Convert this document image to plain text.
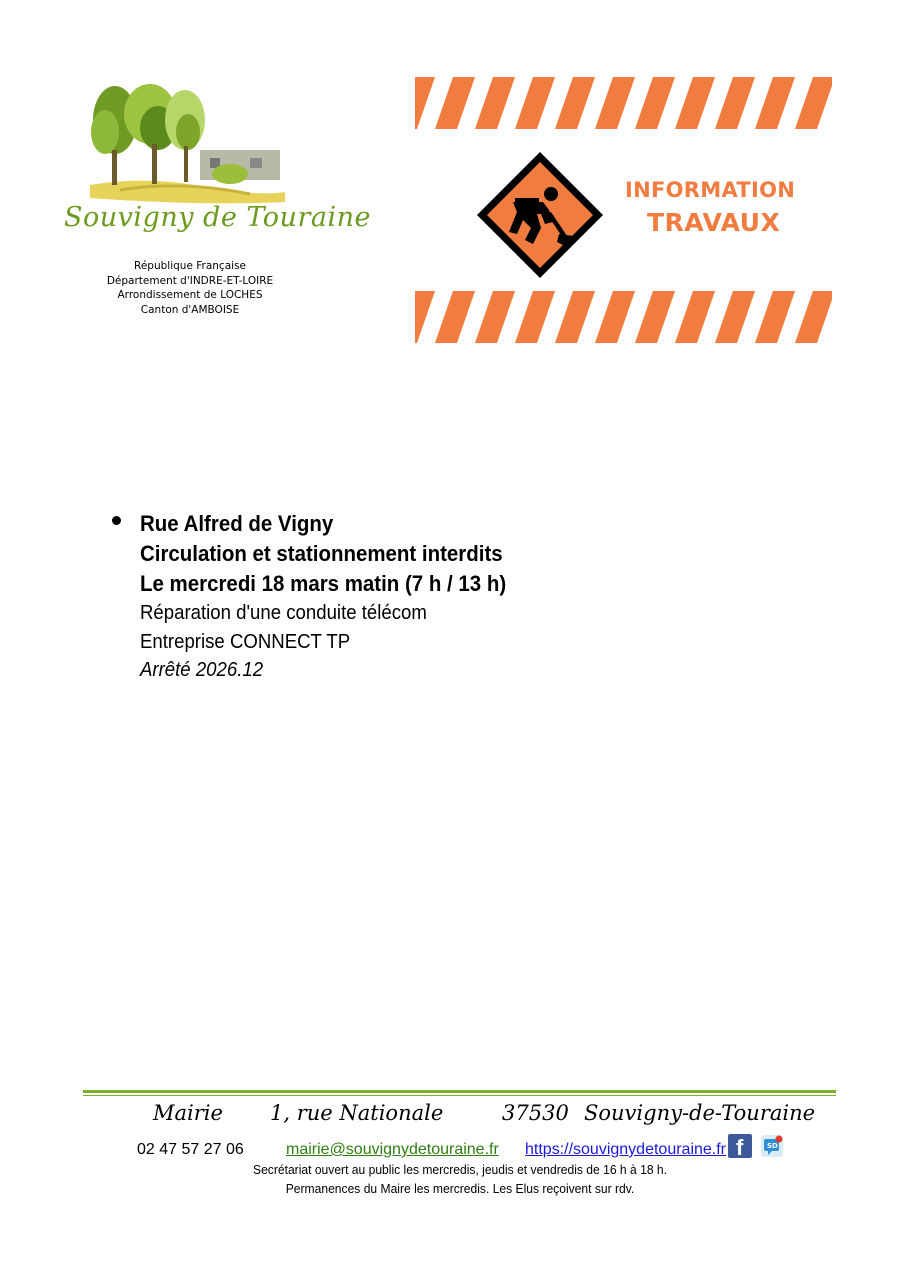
Souvigny de Touraine
République Française
Département d'INDRE-ET-LOIRE
Arrondissement de LOCHES
Canton d'AMBOISE
INFORMATION
TRAVAUX
Rue Alfred de Vigny
Circulation et stationnement interdits
Le mercredi 18 mars matin (7 h / 13 h)
Réparation d'une conduite télécom
Entreprise CONNECT TP
Arrêté 2026.12
Mairie 1, rue Nationale	37530 Souvigny-de-Touraine
02 47 57 27 06	mairie@souvignydetouraine.fr https://souvignydetouraine.fr f	SD
Secrétariat ouvert au public les mercredis, jeudis et vendredis de 16 h à 18 h.
Permanences du Maire les mercredis. Les Elus reçoivent sur rdv.
